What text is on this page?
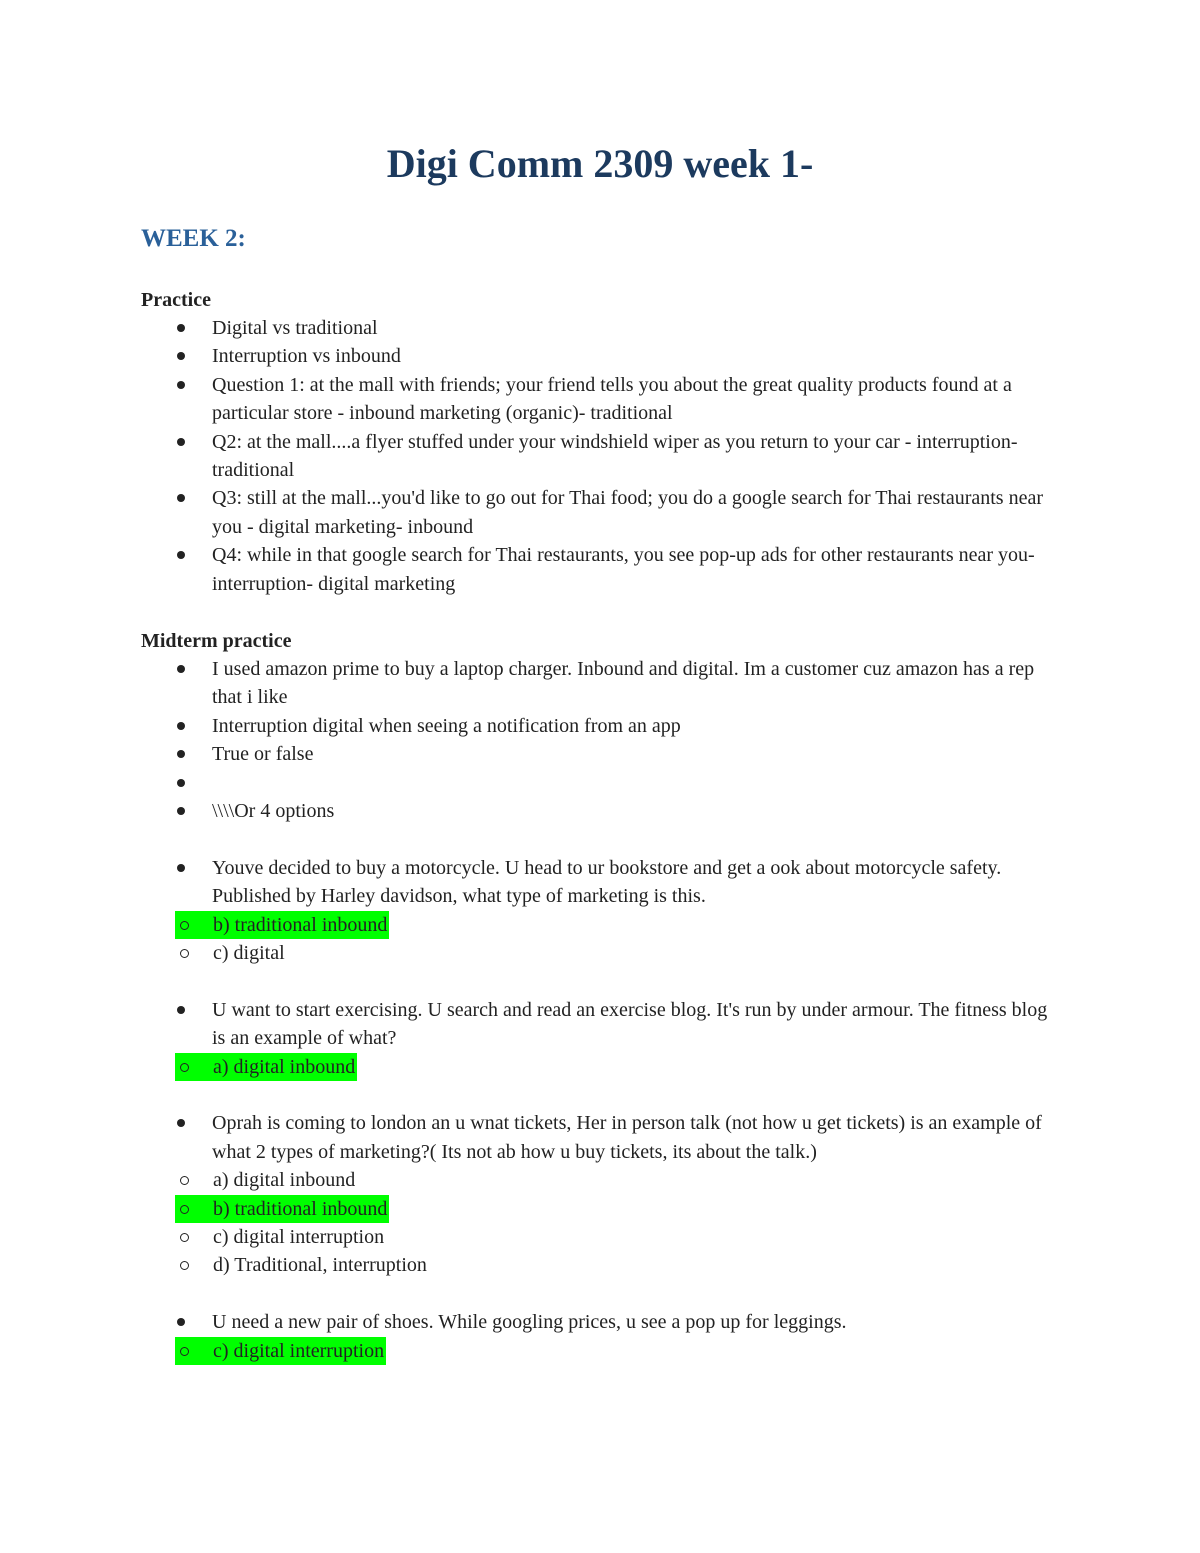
Digi Comm 2309 week 1-
WEEK 2:
Practice
Digital vs traditional
Interruption vs inbound
Question 1: at the mall with friends; your friend tells you about the great quality products found at a particular store - inbound marketing (organic)- traditional
Q2: at the mall....a flyer stuffed under your windshield wiper as you return to your car - interruption-traditional
Q3: still at the mall...you'd like to go out for Thai food; you do a google search for Thai restaurants near you - digital marketing- inbound
Q4: while in that google search for Thai restaurants, you see pop-up ads for other restaurants near you- interruption- digital marketing
Midterm practice
I used amazon prime to buy a laptop charger. Inbound and digital. Im a customer cuz amazon has a rep that i like
Interruption digital when seeing a notification from an app
True or false
\\\\Or 4 options
Youve decided to buy a motorcycle. U head to ur bookstore and get a ook about motorcycle safety. Published by Harley davidson, what type of marketing is this.
b) traditional inbound
c) digital
U want to start exercising. U search and read an exercise blog. It's run by under armour. The fitness blog is an example of what?
a) digital inbound
Oprah is coming to london an u wnat tickets, Her in person talk (not how u get tickets) is an example of what 2 types of marketing?( Its not ab how u buy tickets, its about the talk.)
a) digital inbound
b) traditional inbound
c) digital interruption
d) Traditional, interruption
U need a new pair of shoes. While googling prices, u see a pop up for leggings.
c) digital interruption
